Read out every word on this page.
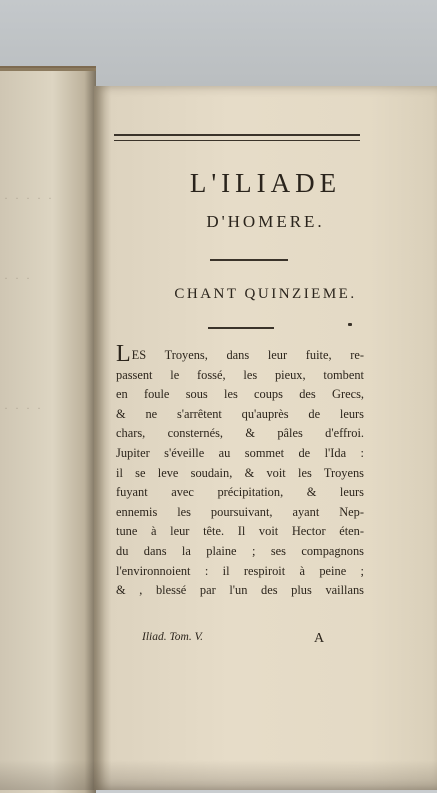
· · · · ·
· · ·
· · · ·
L'ILIADE
D'HOMERE.
CHANT QUINZIEME.
LES Troyens, dans leur fuite, re-
passent le fossé, les pieux, tombent
en foule sous les coups des Grecs,
& ne s'arrêtent qu'auprès de leurs
chars, consternés, & pâles d'effroi.
Jupiter s'éveille au sommet de l'Ida :
il se leve soudain, & voit les Troyens
fuyant avec précipitation, & leurs
ennemis les poursuivant, ayant Nep-
tune à leur tête. Il voit Hector éten-
du dans la plaine ; ses compagnons
l'environnoient : il respiroit à peine ;
& , blessé par l'un des plus vaillans
Iliad. Tom. V.	A
